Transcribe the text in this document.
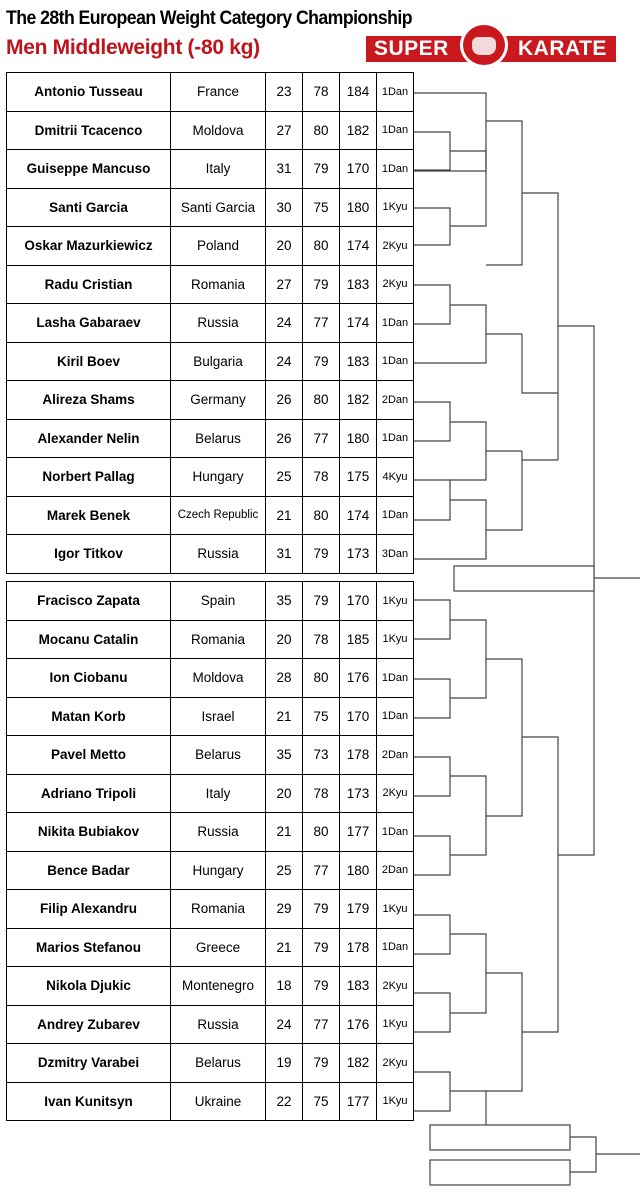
The 28th European Weight Category Championship
Men Middleweight (-80 kg)	SUPER	KARATE
Antonio Tusseau	France	23	78	184	1Dan
Dmitrii Tcacenco	Moldova	27	80	182	1Dan
Guiseppe Mancuso	Italy	31	79	170	1Dan
Santi Garcia	Santi Garcia	30	75	180	1Kyu
Oskar Mazurkiewicz	Poland	20	80	174	2Kyu
Radu Cristian	Romania	27	79	183	2Kyu
Lasha Gabaraev	Russia	24	77	174	1Dan
Kiril Boev	Bulgaria	24	79	183	1Dan
Alireza Shams	Germany	26	80	182	2Dan
Alexander Nelin	Belarus	26	77	180	1Dan
Norbert Pallag	Hungary	25	78	175	4Kyu
Marek Benek	Czech Republic	21	80	174	1Dan
Igor Titkov	Russia	31	79	173	3Dan
Fracisco Zapata	Spain	35	79	170	1Kyu
Mocanu Catalin	Romania	20	78	185	1Kyu
Ion Ciobanu	Moldova	28	80	176	1Dan
Matan Korb	Israel	21	75	170	1Dan
Pavel Metto	Belarus	35	73	178	2Dan
Adriano Tripoli	Italy	20	78	173	2Kyu
Nikita Bubiakov	Russia	21	80	177	1Dan
Bence Badar	Hungary	25	77	180	2Dan
Filip Alexandru	Romania	29	79	179	1Kyu
Marios Stefanou	Greece	21	79	178	1Dan
Nikola Djukic	Montenegro	18	79	183	2Kyu
Andrey Zubarev	Russia	24	77	176	1Kyu
Dzmitry Varabei	Belarus	19	79	182	2Kyu
Ivan Kunitsyn	Ukraine	22	75	177	1Kyu
